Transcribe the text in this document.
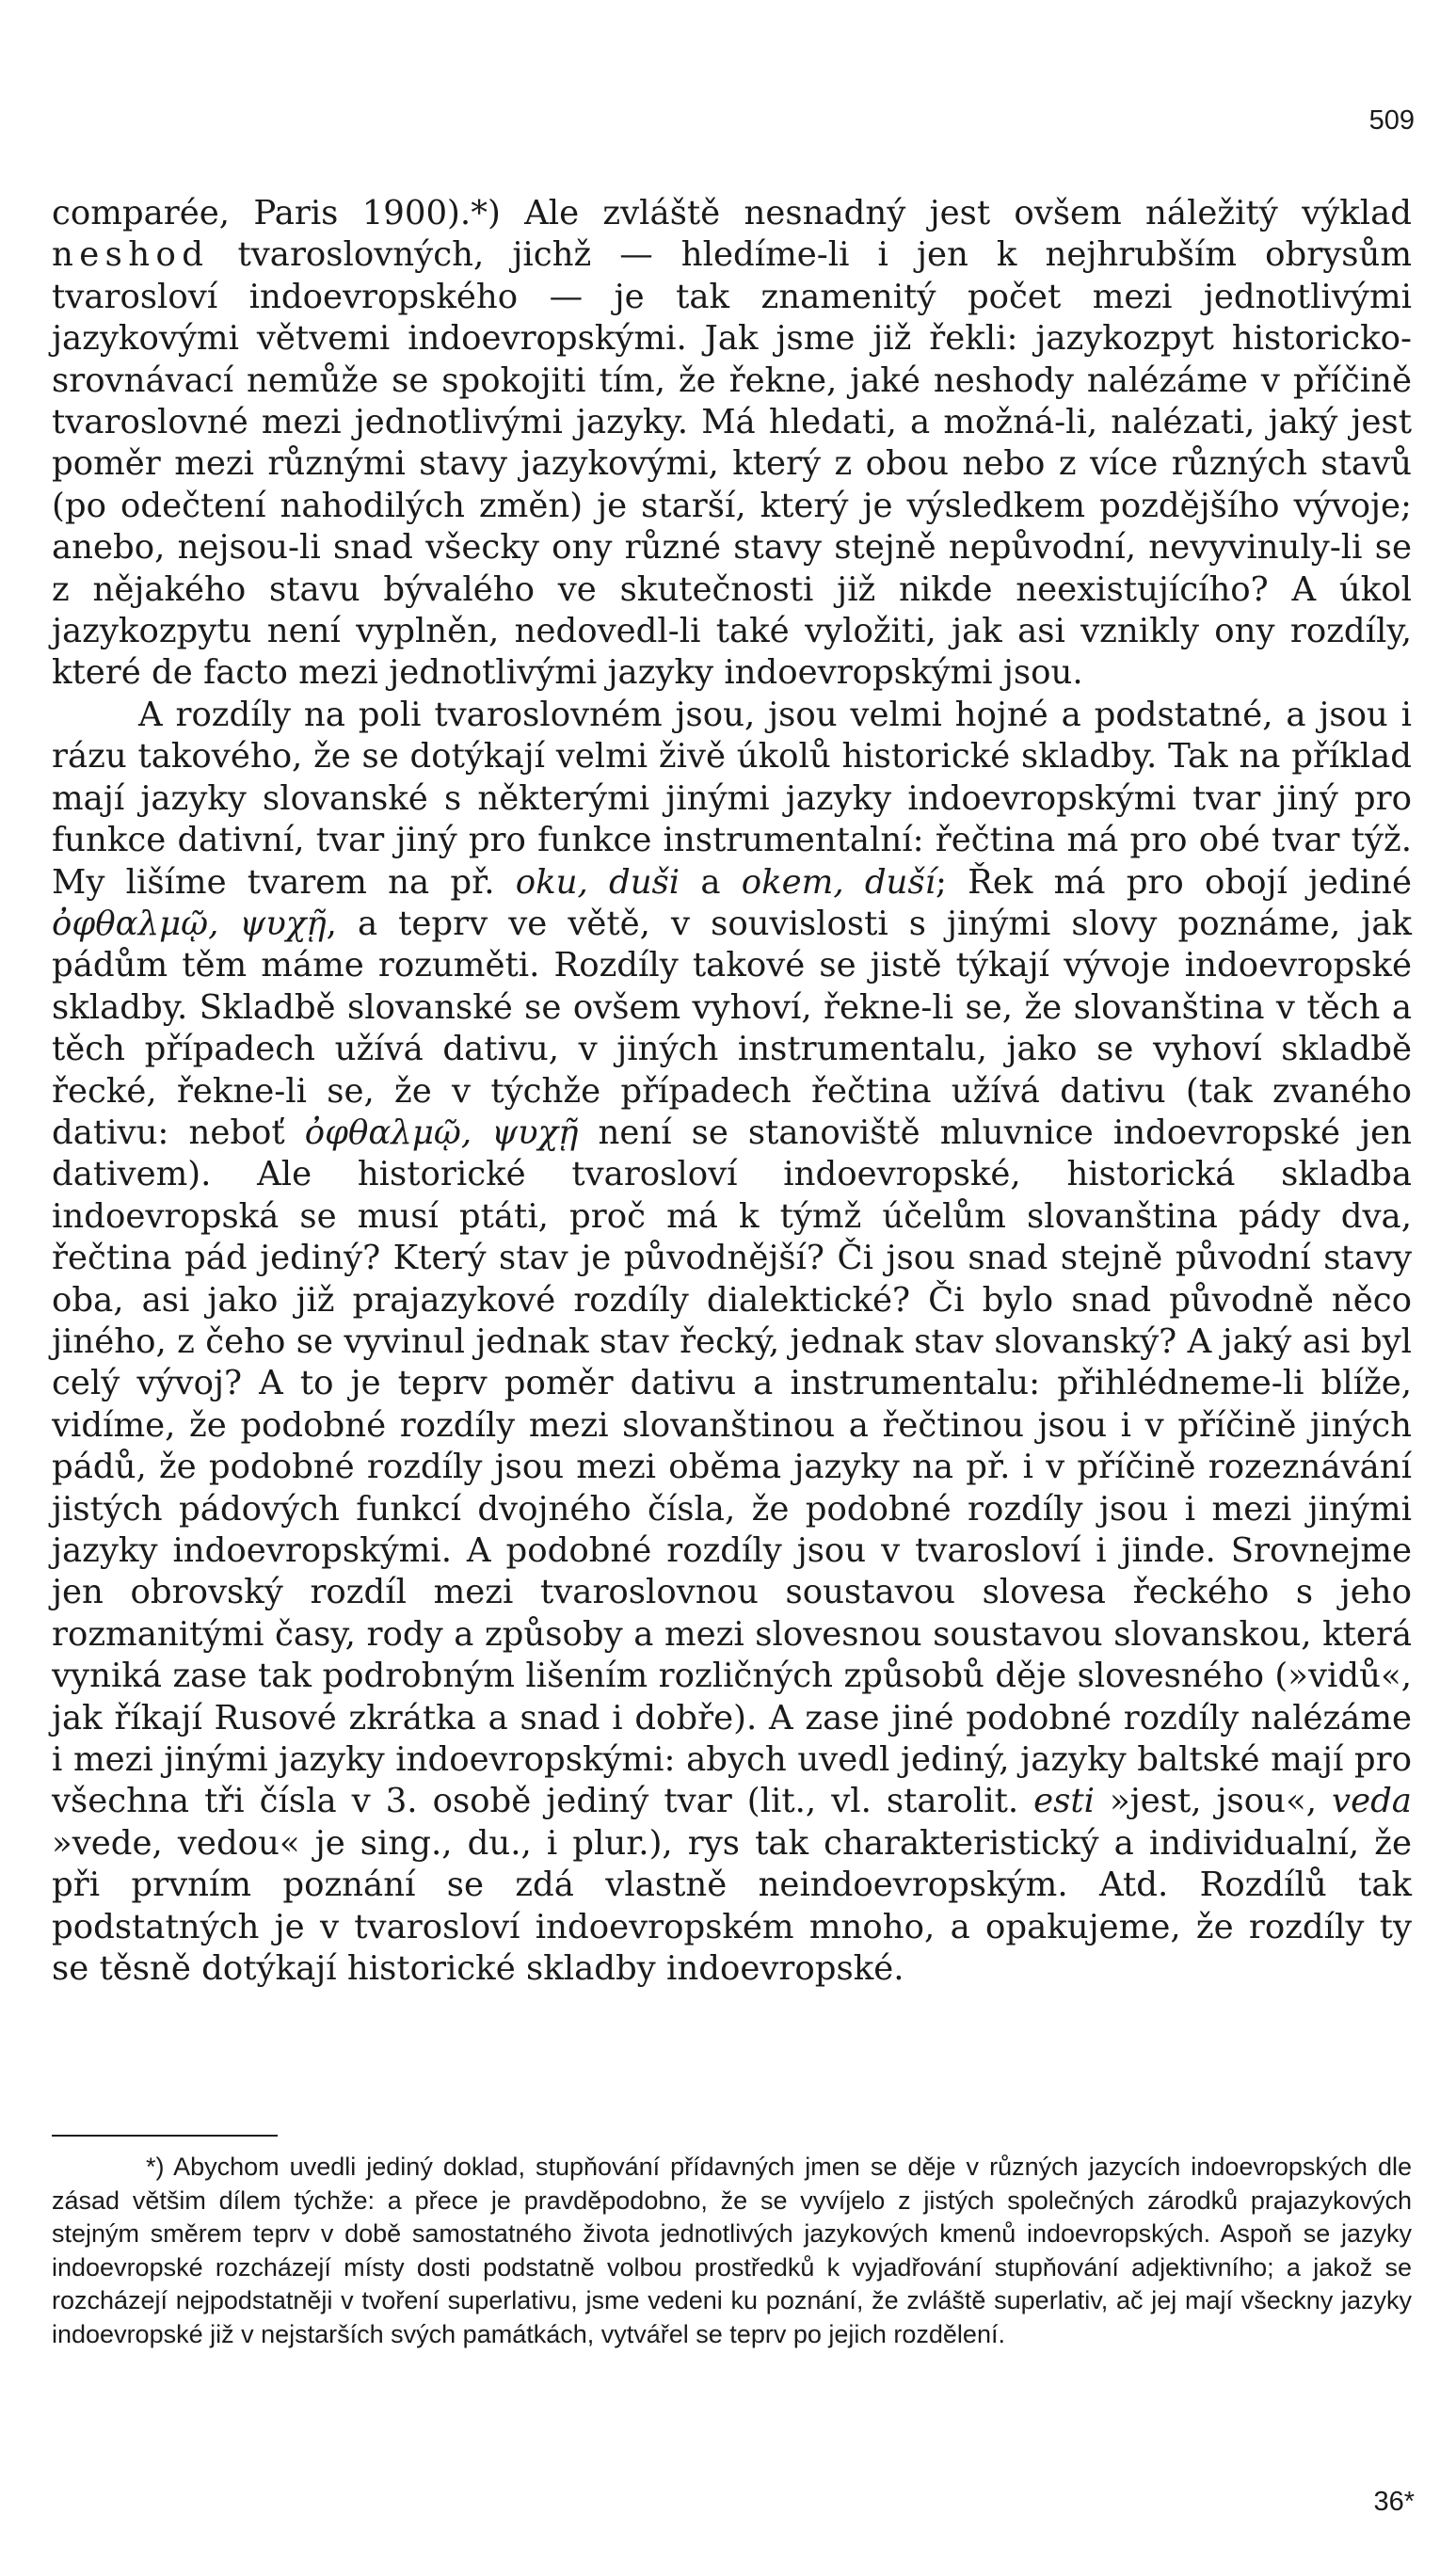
509

comparée, Paris 1900).*) Ale zvláště nesnadný jest ovšem náležitý výklad neshod tvaroslovných, jichž — hledíme-li i jen k nejhrubším obrysům tvarosloví indoevropského — je tak znamenitý počet mezi jednotlivými jazykovými větvemi indoevropskými. Jak jsme již řekli: jazykozpyt historicko-srovnávací nemůže se spokojiti tím, že řekne, jaké neshody nalézáme v příčině tvaroslovné mezi jednotlivými jazyky. Má hledati, a možná-li, nalézati, jaký jest poměr mezi různými stavy jazykovými, který z obou nebo z více různých stavů (po odečtení nahodilých změn) je starší, který je výsledkem pozdějšího vývoje; anebo, nejsou-li snad všecky ony různé stavy stejně nepůvodní, nevyvinuly-li se z nějakého stavu bývalého ve skutečnosti již nikde neexistujícího? A úkol jazykozpytu není vyplněn, nedovedl-li také vyložiti, jak asi vznikly ony rozdíly, které de facto mezi jednotlivými jazyky indoevropskými jsou.

A rozdíly na poli tvaroslovném jsou, jsou velmi hojné a podstatné, a jsou i rázu takového, že se dotýkají velmi živě úkolů historické skladby. Tak na příklad mají jazyky slovanské s některými jinými jazyky indoevropskými tvar jiný pro funkce dativní, tvar jiný pro funkce instrumentalní: řečtina má pro obé tvar týž. My lišíme tvarem na př. oku, duši a okem, duší; Řek má pro obojí jediné ὀφθαλμῷ, ψυχῇ, a teprv ve větě, v souvislosti s jinými slovy poznáme, jak pádům těm máme rozuměti. Rozdíly takové se jistě týkají vývoje indoevropské skladby. Skladbě slovanské se ovšem vyhoví, řekne-li se, že slovanština v těch a těch případech užívá dativu, v jiných instrumentalu, jako se vyhoví skladbě řecké, řekne-li se, že v týchže případech řečtina užívá dativu (tak zvaného dativu: neboť ὀφθαλμῷ, ψυχῇ není se stanoviště mluvnice indoevropské jen dativem). Ale historické tvarosloví indoevropské, historická skladba indoevropská se musí ptáti, proč má k týmž účelům slovanština pády dva, řečtina pád jediný? Který stav je původnější? Či jsou snad stejně původní stavy oba, asi jako již prajazykové rozdíly dialektické? Či bylo snad původně něco jiného, z čeho se vyvinul jednak stav řecký, jednak stav slovanský? A jaký asi byl celý vývoj? A to je teprv poměr dativu a instrumentalu: přihlédneme-li blíže, vidíme, že podobné rozdíly mezi slovanštinou a řečtinou jsou i v příčině jiných pádů, že podobné rozdíly jsou mezi oběma jazyky na př. i v příčině rozeznávání jistých pádových funkcí dvojného čísla, že podobné rozdíly jsou i mezi jinými jazyky indoevropskými. A podobné rozdíly jsou v tvarosloví i jinde. Srovnejme jen obrovský rozdíl mezi tvaroslovnou soustavou slovesa řeckého s jeho rozmanitými časy, rody a způsoby a mezi slovesnou soustavou slovanskou, která vyniká zase tak podrobným lišením rozličných způsobů děje slovesného (»vidů«, jak říkají Rusové zkrátka a snad i dobře). A zase jiné podobné rozdíly nalézáme i mezi jinými jazyky indoevropskými: abych uvedl jediný, jazyky baltské mají pro všechna tři čísla v 3. osobě jediný tvar (lit., vl. starolit. esti »jest, jsou«, veda »vede, vedou« je sing., du., i plur.), rys tak charakteristický a individualní, že při prvním poznání se zdá vlastně neindoevropským. Atd. Rozdílů tak podstatných je v tvarosloví indoevropském mnoho, a opakujeme, že rozdíly ty se těsně dotýkají historické skladby indoevropské.

*) Abychom uvedli jediný doklad, stupňování přídavných jmen se děje v různých jazycích indoevropských dle zásad většim dílem týchže: a přece je pravděpodobno, že se vyvíjelo z jistých společných zárodků prajazykových stejným směrem teprv v době samostatného života jednotlivých jazykových kmenů indoevropských. Aspoň se jazyky indoevropské rozcházejí místy dosti podstatně volbou prostředků k vyjadřování stupňování adjektivního; a jakož se rozcházejí nejpodstatněji v tvoření superlativu, jsme vedeni ku poznání, že zvláště superlativ, ač jej mají všeckny jazyky indoevropské již v nejstarších svých památkách, vytvářel se teprv po jejich rozdělení.
36*
